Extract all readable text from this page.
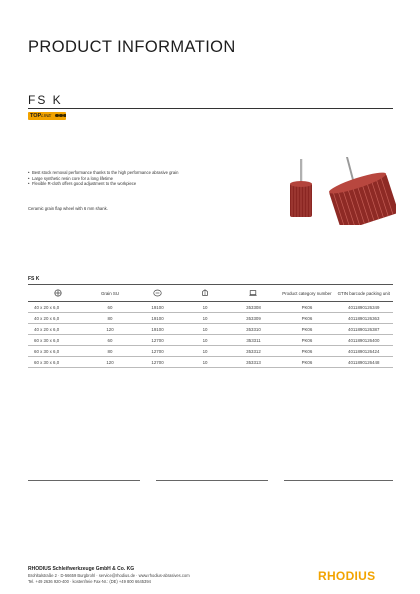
PRODUCT INFORMATION
FS K
TOPLINE
• Best stock removal performance thanks to the high performance abrasive grain
• Large synthetic resin core for a long lifetime
• Flexible R-cloth offers good adjustment to the workpiece
Ceramic grain flap wheel with 6 mm shank.
FS K
	Grain SU				Product category number	GTIN barcode packing unit
40 x 20 x 6,0	60	19100	10	353308	PK06	4011890126349
40 x 20 x 6,0	80	19100	10	353309	PK06	4011890126363
40 x 20 x 6,0	120	19100	10	353310	PK06	4011890126387
60 x 30 x 6,0	60	12700	10	353311	PK06	4011890126400
60 x 30 x 6,0	80	12700	10	353312	PK06	4011890126424
60 x 30 x 6,0	120	12700	10	353313	PK06	4011890126448
RHODIUS Schleifwerkzeuge GmbH & Co. KG
Brohltalstraße 2 · D-56659 Burgbrohl · service@rhodius.de · www.rhodius-abrasives.com
Tel. +49 2636 920-400 · kostenfreie Fax-Nr.: (DE) +49 800 6645394	RHODIUS
